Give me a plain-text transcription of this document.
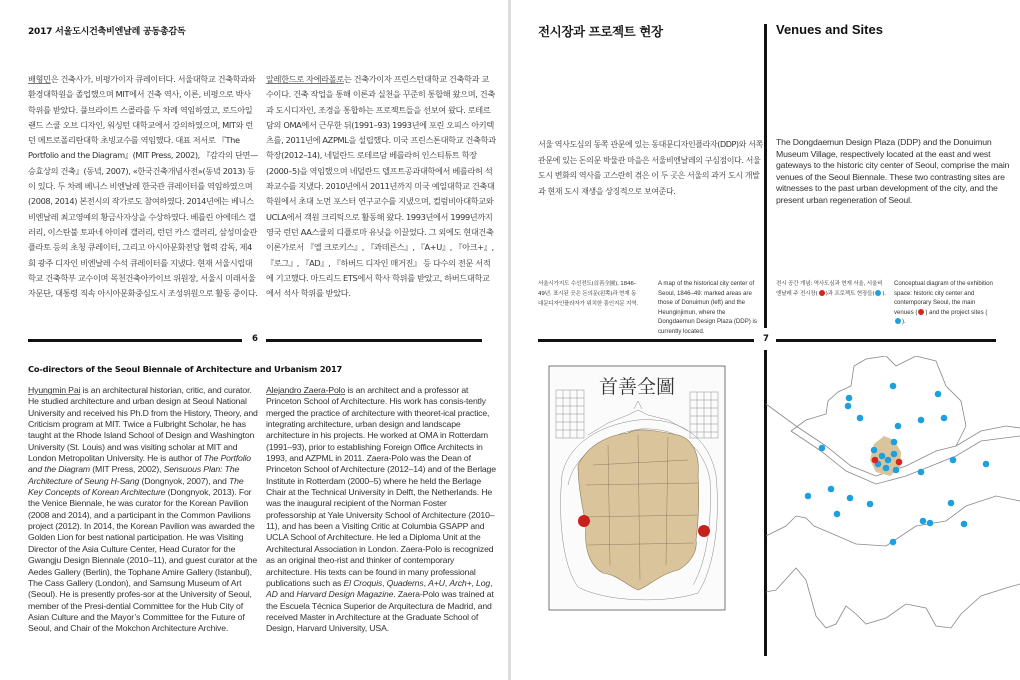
2017 서울도시건축비엔날레 공동총감독
배형민은 건축사가, 비평가이자 큐레이터다. 서울대학교 건축학과와 환경대학원을 졸업했으며 MIT에서 건축 역사, 이론, 비평으로 박사학위를 받았다. 풀브라이트 스콜라를 두 차례 역임하였고, 로드아일랜드 스쿨 오브 디자인, 워싱턴 대학교에서 강의하였으며, MIT와 런던 메트로폴리탄대학 초빙교수를 역임했다. 대표 저서로 『The Portfolio and the Diagram』(MIT Press, 2002), 『감각의 단면—승효상의 건축』(동녘, 2007), «한국건축개념사전»(동녘 2013) 등이 있다. 두 차례 베니스 비엔날레 한국관 큐레이터를 역임하였으며(2008, 2014) 본전시의 작가로도 참여하였다. 2014년에는 베니스 비엔날레 최고영예의 황금사자상을 수상하였다. 베를린 아에데스 갤러리, 이스탄불 토파네 아미레 갤러리, 런던 카스 갤러리, 삼성미술관 플라토 등의 초청 큐레이터, 그리고 아시아문화전당 협력 감독, 제4회 광주 디자인 비엔날레 수석 큐레이터를 지냈다. 현재 서울시립대학교 건축학부 교수이며 목천건축아카이브 위원장, 서울시 미래서울자문단, 대통령 직속 아시아문화중심도시 조성위원으로 활동 중이다.
알레한드로 자에라폴로는 건축가이자 프린스턴대학교 건축학과 교수이다. 건축 작업을 통해 이론과 실천을 꾸준히 통합해 왔으며, 건축과 도시디자인, 조경을 통합하는 프로젝트들을 선보여 왔다. 로테르담의 OMA에서 근무한 뒤(1991–93) 1993년에 포린 오피스 아키텍츠를, 2011년에 AZPML을 설립했다. 미국 프린스톤대학교 건축학과 학장(2012–14), 네덜란드 로테르담 베를라허 인스티튜트 학장(2000–5)을 역임했으며 네덜란드 델프트공과대학에서 베를라허 석좌교수를 지냈다. 2010년에서 2011년까지 미국 예일대학교 건축대학원에서 초대 노먼 포스터 연구교수를 지냈으며, 컬럼비아대학교와 UCLA에서 객원 크리틱으로 활동해 왔다. 1993년에서 1999년까지 영국 런던 AA스쿨의 디플로마 유닛을 이끌었다. 그 외에도 현대건축 이론가로서 『엘 크로키스』, 『콰데른스』, 『A+U』, 『아크+』, 『로그』, 『AD』, 『하버드 디자인 매거진』 등 다수의 전문 서적에 기고했다. 마드리드 ETS에서 학사 학위를 받았고, 하버드대학교에서 석사 학위를 받았다.
6
Co-directors of the Seoul Biennale of Architecture and Urbanism 2017
Hyungmin Pai is an architectural historian, critic, and curator. He studied architecture and urban design at Seoul National University and received his Ph.D from the History, Theory, and Criticism program at MIT. Twice a Fulbright Scholar, he has taught at the Rhode Island School of Design and Washington University (St. Louis) and was visiting scholar at MIT and London Metropolitan University. He is author of The Portfolio and the Diagram (MIT Press, 2002), Sensuous Plan: The Architecture of Seung H-Sang (Dongnyok, 2007), and The Key Concepts of Korean Architecture (Dongnyok, 2013). For the Venice Biennale, he was curator for the Korean Pavilion (2008 and 2014), and a participant in the Common Pavilions project (2012). In 2014, the Korean Pavilion was awarded the Golden Lion for best national participation. He was Visiting Director of the Asia Culture Center, Head Curator for the Gwangju Design Biennale (2010–11), and guest curator at the Aedes Gallery (Berlin), the Tophane Amire Gallery (Istanbul), The Cass Gallery (London), and Samsung Museum of Art (Seoul). He is presently profes-sor at the University of Seoul, member of the Presi-dential Committee for the Hub City of Asian Culture and the Mayor’s Committee for the Future of Seoul, and Chair of the Mokchon Architecture Archive.
Alejandro Zaera-Polo is an architect and a professor at Princeton School of Architecture. His work has consis-tently merged the practice of architecture with theoret-ical practice, integrating architecture, urban design and landscape architecture in his projects. He worked at OMA in Rotterdam (1991–93), prior to establishing Foreign Office Architects in 1993, and AZPML in 2011. Zaera-Polo was the Dean of Princeton School of Architecture (2012–14) and of the Berlage Institute in Rotterdam (2000–5) where he held the Berlage Chair at the Technical University in Delft, the Netherlands. He was the inaugural recipient of the Norman Foster professorship at Yale University School of Architecture (2010–11), and has been a Visiting Critic at Columbia GSAPP and UCLA School of Architecture. He led a Diploma Unit at the Architectural Association in London. Zaera-Polo is recognized as an original theo-rist and thinker of contemporary architecture. His texts can be found in many professional publications such as El Croquis, Quaderns, A+U, Arch+, Log, AD and Harvard Design Magazine. Zaera-Polo was trained at the Escuela Técnica Superior de Arquitectura de Madrid, and received Master in Architecture at the Graduate School of Design, Harvard University, USA.
전시장과 프로젝트 현장	Venues and Sites
서울 역사도심의 동쪽 관문에 있는 동대문디자인플라자(DDP)와 서쪽 관문에 있는 돈의문 박물관 마을은 서울비엔날레의 구심점이다. 서울 도시 변화의 역사를 고스란히 겪은 이 두 곳은 서울의 과거 도시 개발과 현재 도시 재생을 상징적으로 보여준다.
The Dongdaemun Design Plaza (DDP) and the Donuimun Museum Village, respectively located at the east and west gateways to the historic city center of Seoul, comprise the main venues of the Seoul Biennale. These two contrasting sites are witnesses to the past urban development of the city, and the present urban regeneration of Seoul.
서울시가지도 수선전도(首善全圖), 1846–49년. 표시된 곳은 돈의문(왼쪽)과 현재 동대문디자인플라자가 위치한 흥인지문 지역.
A map of the historical city center of Seoul, 1846–49: marked areas are those of Donuimun (left) and the Heunginjimun, where the Dongdaemun Design Plaza (DDP) is currently located.
전시 공간 개념: 역사도심과 현재 서울, 서울비엔날레 주 전시장( )과 프로젝트 현장들( ).
Conceptual diagram of the exhibition space: historic city center and contemporary Seoul, the main venues ( ) and the project sites ().
7
首善全圖
